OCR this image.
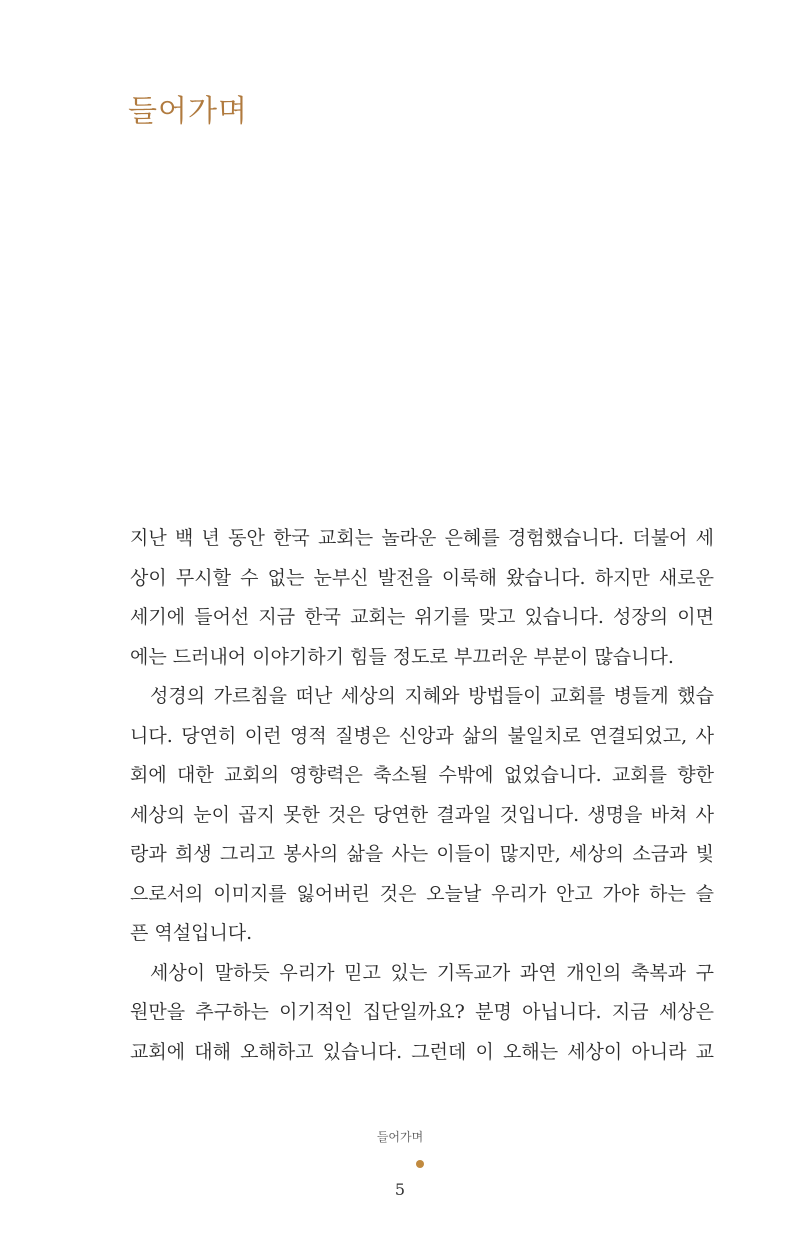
들어가며
지난 백 년 동안 한국 교회는 놀라운 은혜를 경험했습니다. 더불어 세
상이 무시할 수 없는 눈부신 발전을 이룩해 왔습니다. 하지만 새로운
세기에 들어선 지금 한국 교회는 위기를 맞고 있습니다. 성장의 이면
에는 드러내어 이야기하기 힘들 정도로 부끄러운 부분이 많습니다.
성경의 가르침을 떠난 세상의 지혜와 방법들이 교회를 병들게 했습
니다. 당연히 이런 영적 질병은 신앙과 삶의 불일치로 연결되었고, 사
회에 대한 교회의 영향력은 축소될 수밖에 없었습니다. 교회를 향한
세상의 눈이 곱지 못한 것은 당연한 결과일 것입니다. 생명을 바쳐 사
랑과 희생 그리고 봉사의 삶을 사는 이들이 많지만, 세상의 소금과 빛
으로서의 이미지를 잃어버린 것은 오늘날 우리가 안고 가야 하는 슬
픈 역설입니다.
세상이 말하듯 우리가 믿고 있는 기독교가 과연 개인의 축복과 구
원만을 추구하는 이기적인 집단일까요? 분명 아닙니다. 지금 세상은
교회에 대해 오해하고 있습니다. 그런데 이 오해는 세상이 아니라 교
들어가며
5
